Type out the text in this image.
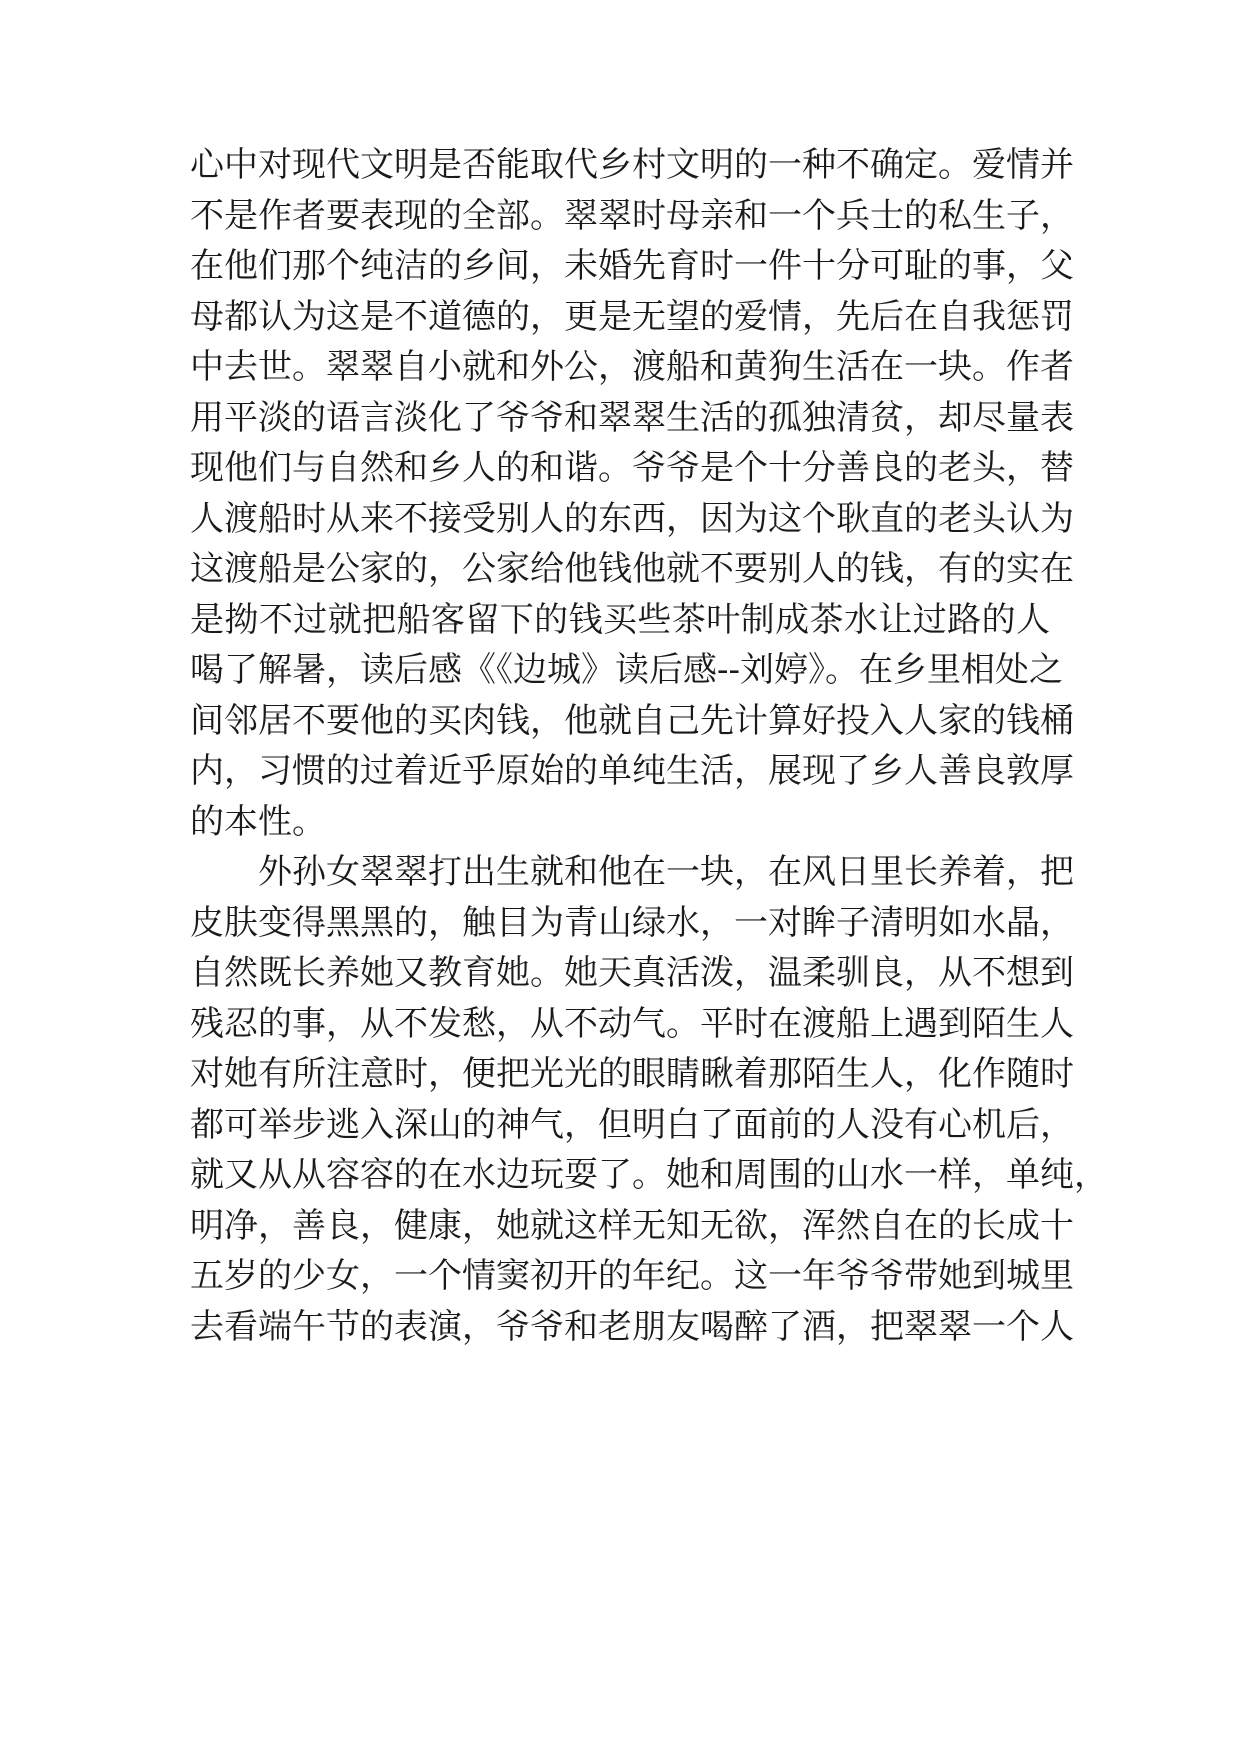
心中对现代文明是否能取代乡村文明的一种不确定。爱情并
不是作者要表现的全部。翠翠时母亲和一个兵士的私生子，
在他们那个纯洁的乡间，未婚先育时一件十分可耻的事，父
母都认为这是不道德的，更是无望的爱情，先后在自我惩罚
中去世。翠翠自小就和外公，渡船和黄狗生活在一块。作者
用平淡的语言淡化了爷爷和翠翠生活的孤独清贫，却尽量表
现他们与自然和乡人的和谐。爷爷是个十分善良的老头，替
人渡船时从来不接受别人的东西，因为这个耿直的老头认为
这渡船是公家的，公家给他钱他就不要别人的钱，有的实在
是拗不过就把船客留下的钱买些茶叶制成茶水让过路的人
喝了解暑，读后感《《边城》读后感--刘婷》。在乡里相处之
间邻居不要他的买肉钱，他就自己先计算好投入人家的钱桶
内，习惯的过着近乎原始的单纯生活，展现了乡人善良敦厚
的本性。
外孙女翠翠打出生就和他在一块，在风日里长养着，把
皮肤变得黑黑的，触目为青山绿水，一对眸子清明如水晶，
自然既长养她又教育她。她天真活泼，温柔驯良，从不想到
残忍的事，从不发愁，从不动气。平时在渡船上遇到陌生人
对她有所注意时，便把光光的眼睛瞅着那陌生人，化作随时
都可举步逃入深山的神气，但明白了面前的人没有心机后，
就又从从容容的在水边玩耍了。她和周围的山水一样，单纯，
明净，善良，健康，她就这样无知无欲，浑然自在的长成十
五岁的少女，一个情窦初开的年纪。这一年爷爷带她到城里
去看端午节的表演，爷爷和老朋友喝醉了酒，把翠翠一个人
